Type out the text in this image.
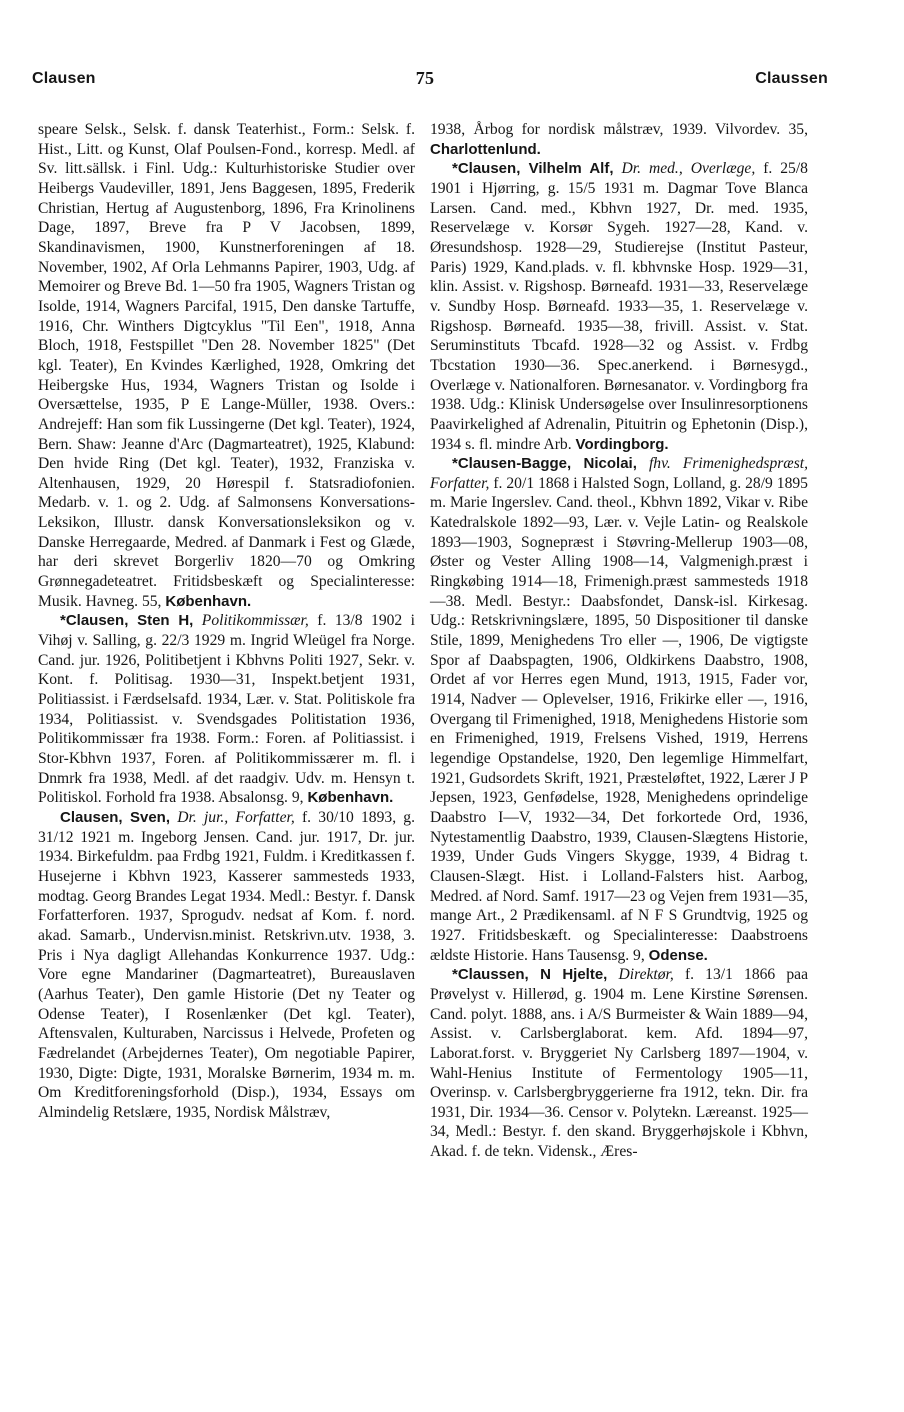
Clausen	75	Claussen

speare Selsk., Selsk. f. dansk Teaterhist., Form.: Selsk. f. Hist., Litt. og Kunst, Olaf Poulsen-Fond., korresp. Medl. af Sv. litt.sällsk. i Finl. Udg.: Kulturhistoriske Studier over Heibergs Vaudeviller, 1891, Jens Baggesen, 1895, Frederik Christian, Hertug af Augustenborg, 1896, Fra Krinolinens Dage, 1897, Breve fra P V Jacobsen, 1899, Skandinavismen, 1900, Kunstnerforeningen af 18. November, 1902, Af Orla Lehmanns Papirer, 1903, Udg. af Memoirer og Breve Bd. 1—50 fra 1905, Wagners Tristan og Isolde, 1914, Wagners Parcifal, 1915, Den danske Tartuffe, 1916, Chr. Winthers Digtcyklus "Til Een", 1918, Anna Bloch, 1918, Festspillet "Den 28. November 1825" (Det kgl. Teater), En Kvindes Kærlighed, 1928, Omkring det Heibergske Hus, 1934, Wagners Tristan og Isolde i Oversættelse, 1935, P E Lange-Müller, 1938. Overs.: Andrejeff: Han som fik Lussingerne (Det kgl. Teater), 1924, Bern. Shaw: Jeanne d'Arc (Dagmarteatret), 1925, Klabund: Den hvide Ring (Det kgl. Teater), 1932, Franziska v. Altenhausen, 1929, 20 Hørespil f. Statsradiofonien. Medarb. v. 1. og 2. Udg. af Salmonsens Konversations-Leksikon, Illustr. dansk Konversationsleksikon og v. Danske Herregaarde, Medred. af Danmark i Fest og Glæde, har deri skrevet Borgerliv 1820—70 og Omkring Grønnegadeteatret. Fritidsbeskæft og Specialinteresse: Musik. Havneg. 55, København.

*Clausen, Sten H, Politikommissær, f. 13/8 1902 i Vihøj v. Salling, g. 22/3 1929 m. Ingrid Wleügel fra Norge. Cand. jur. 1926, Politibetjent i Kbhvns Politi 1927, Sekr. v. Kont. f. Politisag. 1930—31, Inspekt.betjent 1931, Politiassist. i Færdselsafd. 1934, Lær. v. Stat. Politiskole fra 1934, Politiassist. v. Svendsgades Politistation 1936, Politikommissær fra 1938. Form.: Foren. af Politiassist. i Stor-Kbhvn 1937, Foren. af Politikommissærer m. fl. i Dnmrk fra 1938, Medl. af det raadgiv. Udv. m. Hensyn t. Politiskol. Forhold fra 1938. Absalonsg. 9, København.

Clausen, Sven, Dr. jur., Forfatter, f. 30/10 1893, g. 31/12 1921 m. Ingeborg Jensen. Cand. jur. 1917, Dr. jur. 1934. Birkefuldm. paa Frdbg 1921, Fuldm. i Kreditkassen f. Husejerne i Kbhvn 1923, Kasserer sammesteds 1933, modtag. Georg Brandes Legat 1934. Medl.: Bestyr. f. Dansk Forfatterforen. 1937, Sprogudv. nedsat af Kom. f. nord. akad. Samarb., Undervisn.minist. Retskrivn.utv. 1938, 3. Pris i Nya dagligt Allehandas Konkurrence 1937. Udg.: Vore egne Mandariner (Dagmarteatret), Bureauslaven (Aarhus Teater), Den gamle Historie (Det ny Teater og Odense Teater), I Rosenlænker (Det kgl. Teater), Aftensvalen, Kulturaben, Narcissus i Helvede, Profeten og Fædrelandet (Arbejdernes Teater), Om negotiable Papirer, 1930, Digte: Digte, 1931, Moralske Børnerim, 1934 m. m. Om Kreditforeningsforhold (Disp.), 1934, Essays om Almindelig Retslære, 1935, Nordisk Målstræv,

1938, Årbog for nordisk målstræv, 1939. Vilvordev. 35, Charlottenlund.

*Clausen, Vilhelm Alf, Dr. med., Overlæge, f. 25/8 1901 i Hjørring, g. 15/5 1931 m. Dagmar Tove Blanca Larsen. Cand. med., Kbhvn 1927, Dr. med. 1935, Reservelæge v. Korsør Sygeh. 1927—28, Kand. v. Øresundshosp. 1928—29, Studierejse (Institut Pasteur, Paris) 1929, Kand.plads. v. fl. kbhvnske Hosp. 1929—31, klin. Assist. v. Rigshosp. Børneafd. 1931—33, Reservelæge v. Sundby Hosp. Børneafd. 1933—35, 1. Reservelæge v. Rigshosp. Børneafd. 1935—38, frivill. Assist. v. Stat. Seruminstituts Tbcafd. 1928—32 og Assist. v. Frdbg Tbcstation 1930—36. Spec.anerkend. i Børnesygd., Overlæge v. Nationalforen. Børnesanator. v. Vordingborg fra 1938. Udg.: Klinisk Undersøgelse over Insulinresorptionens Paavirkelighed af Adrenalin, Pituitrin og Ephetonin (Disp.), 1934 s. fl. mindre Arb. Vordingborg.

*Clausen-Bagge, Nicolai, fhv. Frimenighedspræst, Forfatter, f. 20/1 1868 i Halsted Sogn, Lolland, g. 28/9 1895 m. Marie Ingerslev. Cand. theol., Kbhvn 1892, Vikar v. Ribe Katedralskole 1892—93, Lær. v. Vejle Latin- og Realskole 1893—1903, Sognepræst i Støvring-Mellerup 1903—08, Øster og Vester Alling 1908—14, Valgmenigh.præst i Ringkøbing 1914—18, Frimenigh.præst sammesteds 1918—38. Medl. Bestyr.: Daabsfondet, Dansk-isl. Kirkesag. Udg.: Retskrivningslære, 1895, 50 Dispositioner til danske Stile, 1899, Menighedens Tro eller —, 1906, De vigtigste Spor af Daabspagten, 1906, Oldkirkens Daabstro, 1908, Ordet af vor Herres egen Mund, 1913, 1915, Fader vor, 1914, Nadver — Oplevelser, 1916, Frikirke eller —, 1916, Overgang til Frimenighed, 1918, Menighedens Historie som en Frimenighed, 1919, Frelsens Vished, 1919, Herrens legendige Opstandelse, 1920, Den legemlige Himmelfart, 1921, Gudsordets Skrift, 1921, Præsteløftet, 1922, Lærer J P Jepsen, 1923, Genfødelse, 1928, Menighedens oprindelige Daabstro I—V, 1932—34, Det forkortede Ord, 1936, Nytestamentlig Daabstro, 1939, Clausen-Slægtens Historie, 1939, Under Guds Vingers Skygge, 1939, 4 Bidrag t. Clausen-Slægt. Hist. i Lolland-Falsters hist. Aarbog, Medred. af Nord. Samf. 1917—23 og Vejen frem 1931—35, mange Art., 2 Prædikensaml. af N F S Grundtvig, 1925 og 1927. Fritidsbeskæft. og Specialinteresse: Daabstroens ældste Historie. Hans Tausensg. 9, Odense.

*Claussen, N Hjelte, Direktør, f. 13/1 1866 paa Prøvelyst v. Hillerød, g. 1904 m. Lene Kirstine Sørensen. Cand. polyt. 1888, ans. i A/S Burmeister & Wain 1889—94, Assist. v. Carlsberglaborat. kem. Afd. 1894—97, Laborat.forst. v. Bryggeriet Ny Carlsberg 1897—1904, v. Wahl-Henius Institute of Fermentology 1905—11, Overinsp. v. Carlsbergbryggerierne fra 1912, tekn. Dir. fra 1931, Dir. 1934—36. Censor v. Polytekn. Læreanst. 1925—34, Medl.: Bestyr. f. den skand. Bryggerhøjskole i Kbhvn, Akad. f. de tekn. Vidensk., Æres-
